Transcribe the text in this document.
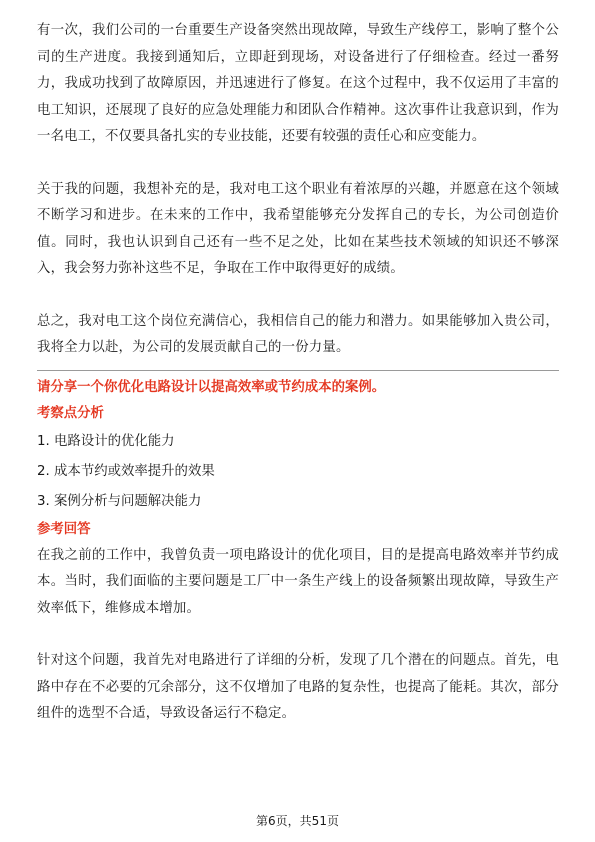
有一次，我们公司的一台重要生产设备突然出现故障，导致生产线停工，影响了整个公司的生产进度。我接到通知后，立即赶到现场，对设备进行了仔细检查。经过一番努力，我成功找到了故障原因，并迅速进行了修复。在这个过程中，我不仅运用了丰富的电工知识，还展现了良好的应急处理能力和团队合作精神。这次事件让我意识到，作为一名电工，不仅要具备扎实的专业技能，还要有较强的责任心和应变能力。

关于我的问题，我想补充的是，我对电工这个职业有着浓厚的兴趣，并愿意在这个领域不断学习和进步。在未来的工作中，我希望能够充分发挥自己的专长，为公司创造价值。同时，我也认识到自己还有一些不足之处，比如在某些技术领域的知识还不够深入，我会努力弥补这些不足，争取在工作中取得更好的成绩。

总之，我对电工这个岗位充满信心，我相信自己的能力和潜力。如果能够加入贵公司，我将全力以赴，为公司的发展贡献自己的一份力量。

请分享一个你优化电路设计以提高效率或节约成本的案例。

考察点分析

1. 电路设计的优化能力
2. 成本节约或效率提升的效果
3. 案例分析与问题解决能力

参考回答

在我之前的工作中，我曾负责一项电路设计的优化项目，目的是提高电路效率并节约成本。当时，我们面临的主要问题是工厂中一条生产线上的设备频繁出现故障，导致生产效率低下，维修成本增加。

针对这个问题，我首先对电路进行了详细的分析，发现了几个潜在的问题点。首先，电路中存在不必要的冗余部分，这不仅增加了电路的复杂性，也提高了能耗。其次，部分组件的选型不合适，导致设备运行不稳定。

第6页，共51页
